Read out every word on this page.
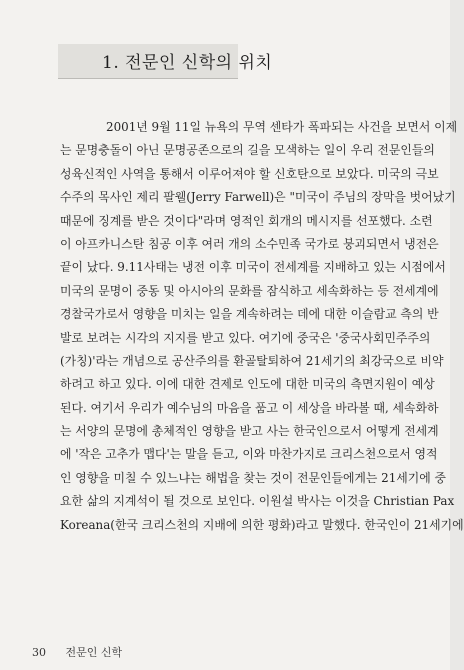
1. 전문인 신학의 위치
2001년 9월 11일 뉴욕의 무역 센타가 폭파되는 사건을 보면서 이제
는 문명충돌이 아닌 문명공존으로의 길을 모색하는 일이 우리 전문인들의
성육신적인 사역을 통해서 이루어져야 할 신호탄으로 보았다. 미국의 극보
수주의 목사인 제리 팔웰(Jerry Farwell)은 "미국이 주님의 장막을 벗어났기
때문에 징계를 받은 것이다"라며 영적인 회개의 메시지를 선포했다. 소련
이 아프카니스탄 침공 이후 여러 개의 소수민족 국가로 붕괴되면서 냉전은
끝이 났다. 9.11사태는 냉전 이후 미국이 전세계를 지배하고 있는 시점에서
미국의 문명이 중동 및 아시아의 문화를 잠식하고 세속화하는 등 전세계에
경찰국가로서 영향을 미치는 일을 계속하려는 데에 대한 이슬람교 측의 반
발로 보려는 시각의 지지를 받고 있다. 여기에 중국은 '중국사회민주주의
(가칭)'라는 개념으로 공산주의를 환골탈퇴하여 21세기의 최강국으로 비약
하려고 하고 있다. 이에 대한 견제로 인도에 대한 미국의 측면지원이 예상
된다. 여기서 우리가 예수님의 마음을 품고 이 세상을 바라볼 때, 세속화하
는 서양의 문명에 총체적인 영향을 받고 사는 한국인으로서 어떻게 전세계
에 '작은 고추가 맵다'는 말을 듣고, 이와 마찬가지로 크리스천으로서 영적
인 영향을 미칠 수 있느냐는 해법을 찾는 것이 전문인들에게는 21세기에 중
요한 삶의 지계석이 될 것으로 보인다. 이원설 박사는 이것을 Christian Pax
Koreana(한국 크리스천의 지배에 의한 평화)라고 말했다. 한국인이 21세기에
30 전문인 신학
